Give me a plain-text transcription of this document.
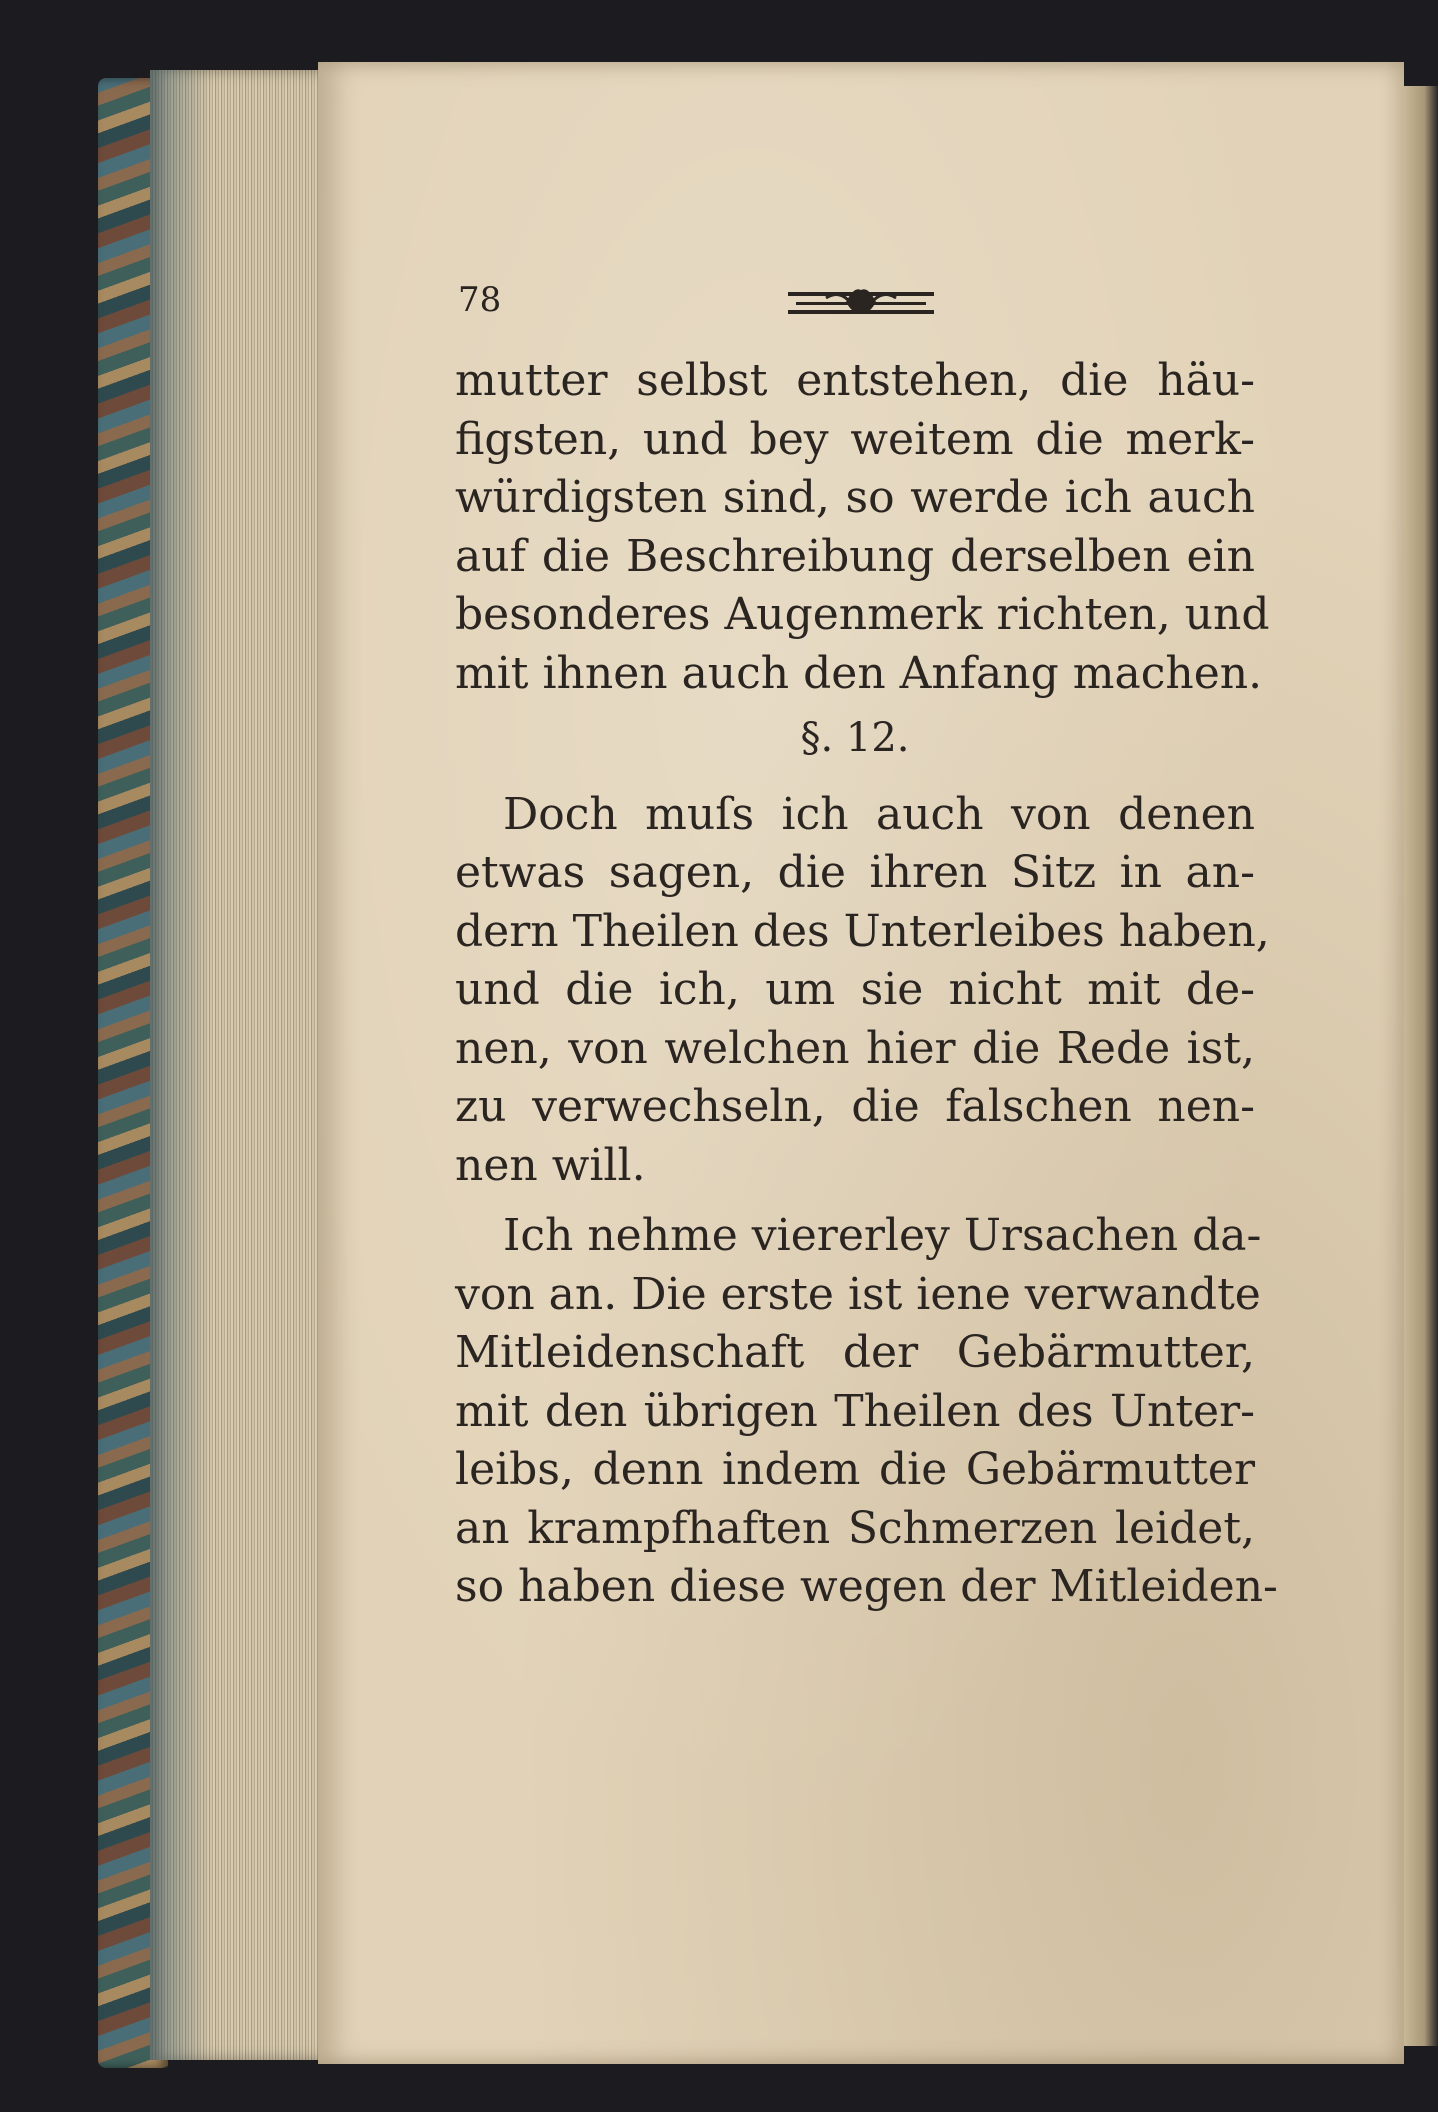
78
mutter selbst entstehen, die häu-
figsten, und bey weitem die merk-
würdigsten sind, so werde ich auch
auf die Beschreibung derselben ein
besonderes Augenmerk richten, und
mit ihnen auch den Anfang machen.
§. 12.
Doch muſs ich auch von denen
etwas sagen, die ihren Sitz in an-
dern Theilen des Unterleibes haben,
und die ich, um sie nicht mit de-
nen, von welchen hier die Rede ist,
zu verwechseln, die falschen nen-
nen will.
Ich nehme viererley Ursachen da-
von an. Die erste ist iene verwandte
Mitleidenschaft der Gebärmutter,
mit den übrigen Theilen des Unter-
leibs, denn indem die Gebärmutter
an krampfhaften Schmerzen leidet,
so haben diese wegen der Mitleiden-
